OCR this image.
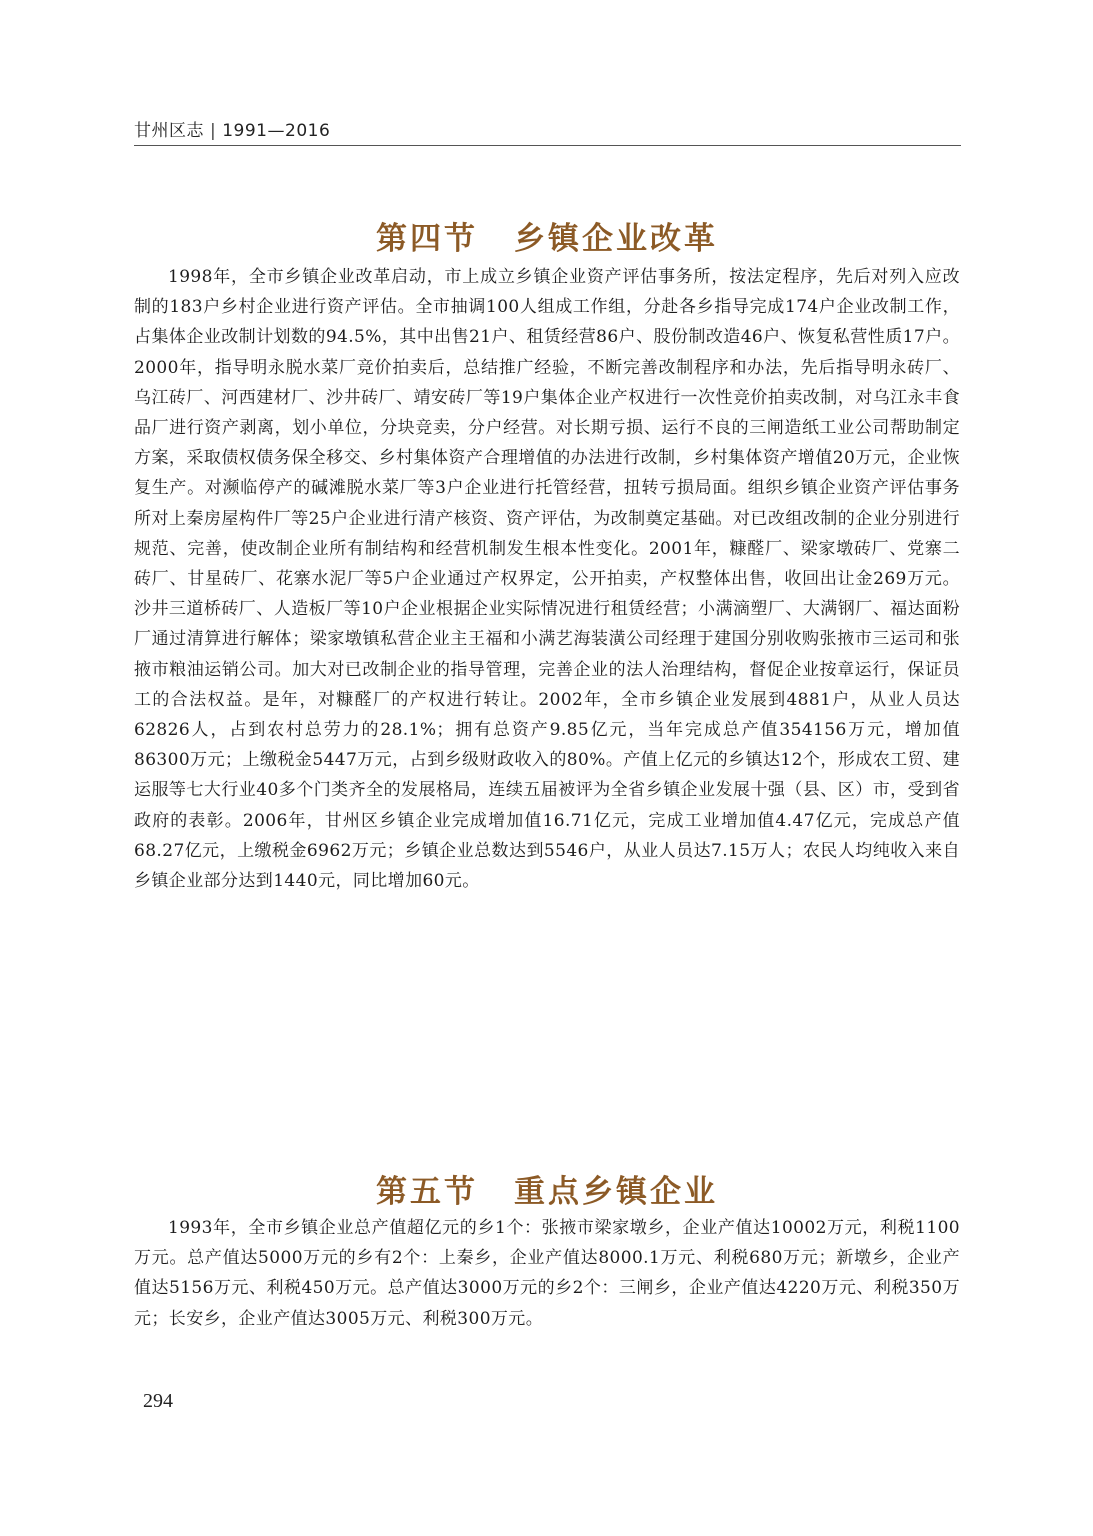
甘州区志 | 1991—2016
第四节 乡镇企业改革

1998年，全市乡镇企业改革启动，市上成立乡镇企业资产评估事务所，按法定程序，先后对列入应改制的183户乡村企业进行资产评估。全市抽调100人组成工作组，分赴各乡指导完成174户企业改制工作，占集体企业改制计划数的94.5%，其中出售21户、租赁经营86户、股份制改造46户、恢复私营性质17户。2000年，指导明永脱水菜厂竞价拍卖后，总结推广经验，不断完善改制程序和办法，先后指导明永砖厂、乌江砖厂、河西建材厂、沙井砖厂、靖安砖厂等19户集体企业产权进行一次性竞价拍卖改制，对乌江永丰食品厂进行资产剥离，划小单位，分块竞卖，分户经营。对长期亏损、运行不良的三闸造纸工业公司帮助制定方案，采取债权债务保全移交、乡村集体资产合理增值的办法进行改制，乡村集体资产增值20万元，企业恢复生产。对濒临停产的碱滩脱水菜厂等3户企业进行托管经营，扭转亏损局面。组织乡镇企业资产评估事务所对上秦房屋构件厂等25户企业进行清产核资、资产评估，为改制奠定基础。对已改组改制的企业分别进行规范、完善，使改制企业所有制结构和经营机制发生根本性变化。2001年，糠醛厂、梁家墩砖厂、党寨二砖厂、甘星砖厂、花寨水泥厂等5户企业通过产权界定，公开拍卖，产权整体出售，收回出让金269万元。沙井三道桥砖厂、人造板厂等10户企业根据企业实际情况进行租赁经营；小满滴塑厂、大满钢厂、福达面粉厂通过清算进行解体；梁家墩镇私营企业主王福和小满艺海装潢公司经理于建国分别收购张掖市三运司和张掖市粮油运销公司。加大对已改制企业的指导管理，完善企业的法人治理结构，督促企业按章运行，保证员工的合法权益。是年，对糠醛厂的产权进行转让。2002年，全市乡镇企业发展到4881户，从业人员达62826人，占到农村总劳力的28.1%；拥有总资产9.85亿元，当年完成总产值354156万元，增加值86300万元；上缴税金5447万元，占到乡级财政收入的80%。产值上亿元的乡镇达12个，形成农工贸、建运服等七大行业40多个门类齐全的发展格局，连续五届被评为全省乡镇企业发展十强（县、区）市，受到省政府的表彰。2006年，甘州区乡镇企业完成增加值16.71亿元，完成工业增加值4.47亿元，完成总产值68.27亿元，上缴税金6962万元；乡镇企业总数达到5546户，从业人员达7.15万人；农民人均纯收入来自乡镇企业部分达到1440元，同比增加60元。

第五节 重点乡镇企业

1993年，全市乡镇企业总产值超亿元的乡1个：张掖市梁家墩乡，企业产值达10002万元，利税1100万元。总产值达5000万元的乡有2个：上秦乡，企业产值达8000.1万元、利税680万元；新墩乡，企业产值达5156万元、利税450万元。总产值达3000万元的乡2个：三闸乡，企业产值达4220万元、利税350万元；长安乡，企业产值达3005万元、利税300万元。

294
